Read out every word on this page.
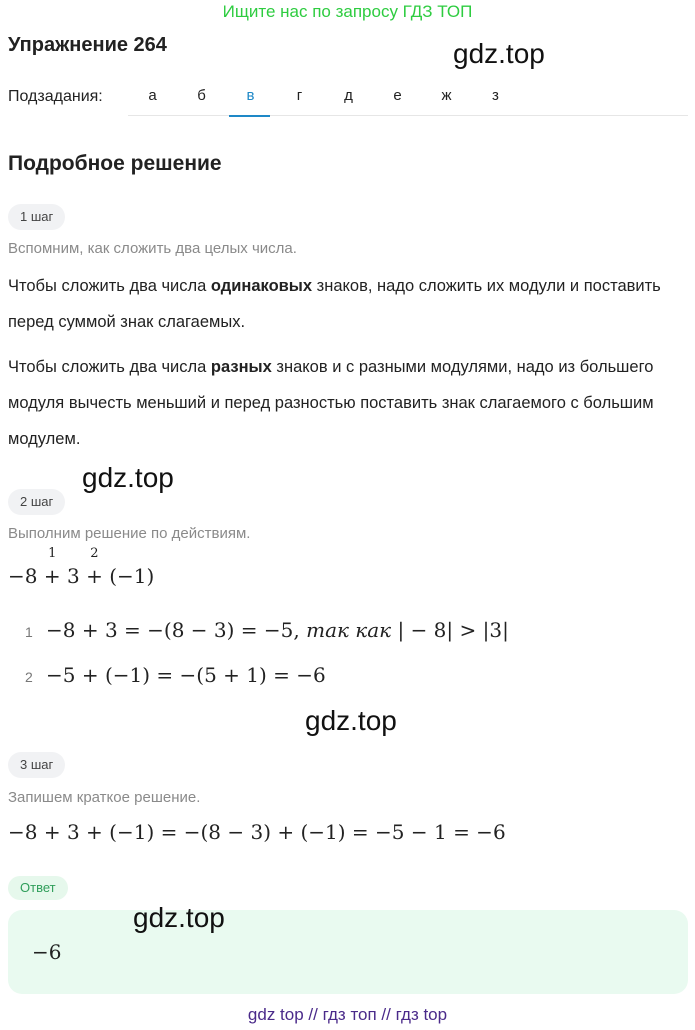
Ищите нас по запросу ГДЗ ТОП
Упражнение 264	gdz.top
Подзадания:	а	б	в	г	д	е	ж	з
Подробное решение
1 шаг
Вспомним, как сложить два целых числа.
Чтобы сложить два числа одинаковых знаков, надо сложить их модули и поставить перед суммой знак слагаемых.
Чтобы сложить два числа разных знаков и с разными модулями, надо из большего модуля вычесть меньший и перед разностью поставить знак слагаемого с большим модулем.
gdz.top
2 шаг
Выполним решение по действиям.
−8 +
1
3 +
2
(−1)
1 −8 + 3 = −(8 − 3) = −5, так как | − 8| > |3|
2 −5 + (−1) = −(5 + 1) = −6
gdz.top
3 шаг
Запишем краткое решение.
−8 + 3 + (−1) = −(8 − 3) + (−1) = −5 − 1 = −6
Ответ
gdz.top
−6
gdz top // гдз топ // гдз top
